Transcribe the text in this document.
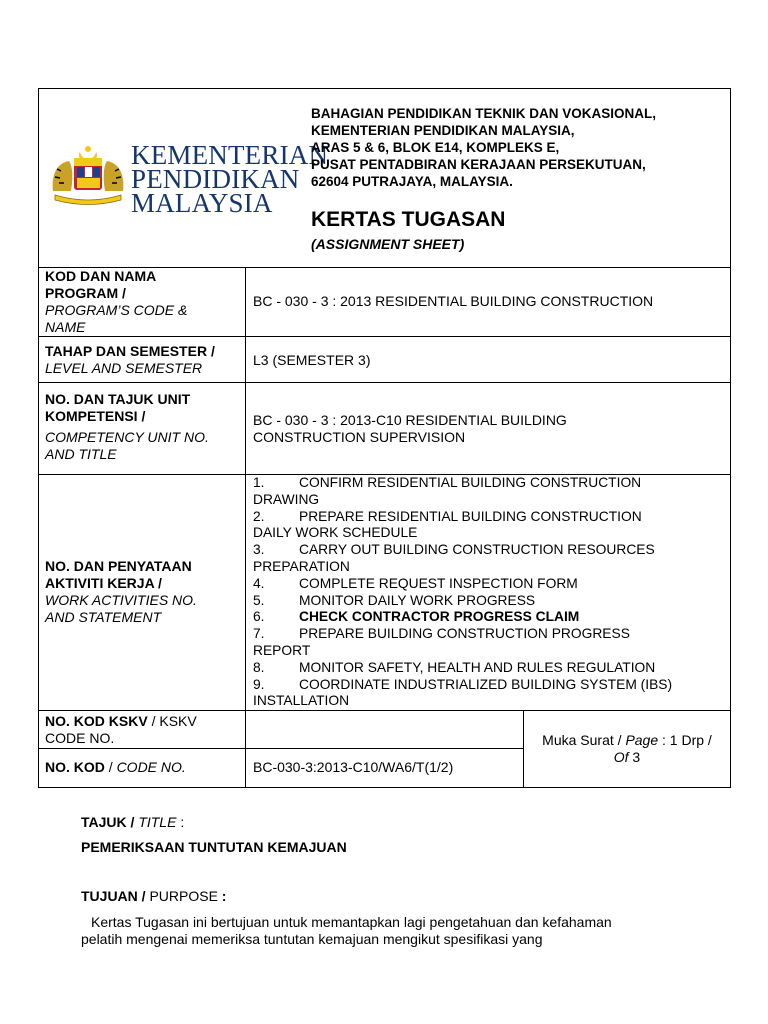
KEMENTERIAN
PENDIDIKAN
MALAYSIA
BAHAGIAN PENDIDIKAN TEKNIK DAN VOKASIONAL,
KEMENTERIAN PENDIDIKAN MALAYSIA,
ARAS 5 & 6, BLOK E14, KOMPLEKS E,
PUSAT PENTADBIRAN KERAJAAN PERSEKUTUAN,
62604 PUTRAJAYA, MALAYSIA.
KERTAS TUGASAN
(ASSIGNMENT SHEET)
KOD DAN NAMA
PROGRAM /
PROGRAM’S CODE &
NAME
BC - 030 - 3 : 2013 RESIDENTIAL BUILDING CONSTRUCTION
TAHAP DAN SEMESTER /
LEVEL AND SEMESTER	L3 (SEMESTER 3)
NO. DAN TAJUK UNIT
KOMPETENSI /
COMPETENCY UNIT NO.
AND TITLE
BC - 030 - 3 : 2013-C10 RESIDENTIAL BUILDING
CONSTRUCTION SUPERVISION
NO. DAN PENYATAAN
AKTIVITI KERJA /
WORK ACTIVITIES NO.
AND STATEMENT
1. CONFIRM RESIDENTIAL BUILDING CONSTRUCTION
DRAWING
2. PREPARE RESIDENTIAL BUILDING CONSTRUCTION
DAILY WORK SCHEDULE
3. CARRY OUT BUILDING CONSTRUCTION RESOURCES
PREPARATION
4. COMPLETE REQUEST INSPECTION FORM
5. MONITOR DAILY WORK PROGRESS
6. CHECK CONTRACTOR PROGRESS CLAIM
7. PREPARE BUILDING CONSTRUCTION PROGRESS
REPORT
8. MONITOR SAFETY, HEALTH AND RULES REGULATION
9. COORDINATE INDUSTRIALIZED BUILDING SYSTEM (IBS)
INSTALLATION
NO. KOD KSKV / KSKV
CODE NO.
NO. KOD / CODE NO.	BC-030-3:2013-C10/WA6/T(1/2)
Muka Surat / Page : 1 Drp /
Of 3
TAJUK / TITLE :
PEMERIKSAAN TUNTUTAN KEMAJUAN
TUJUAN / PURPOSE :
Kertas Tugasan ini bertujuan untuk memantapkan lagi pengetahuan dan kefahaman
pelatih mengenai memeriksa tuntutan kemajuan mengikut spesifikasi yang
